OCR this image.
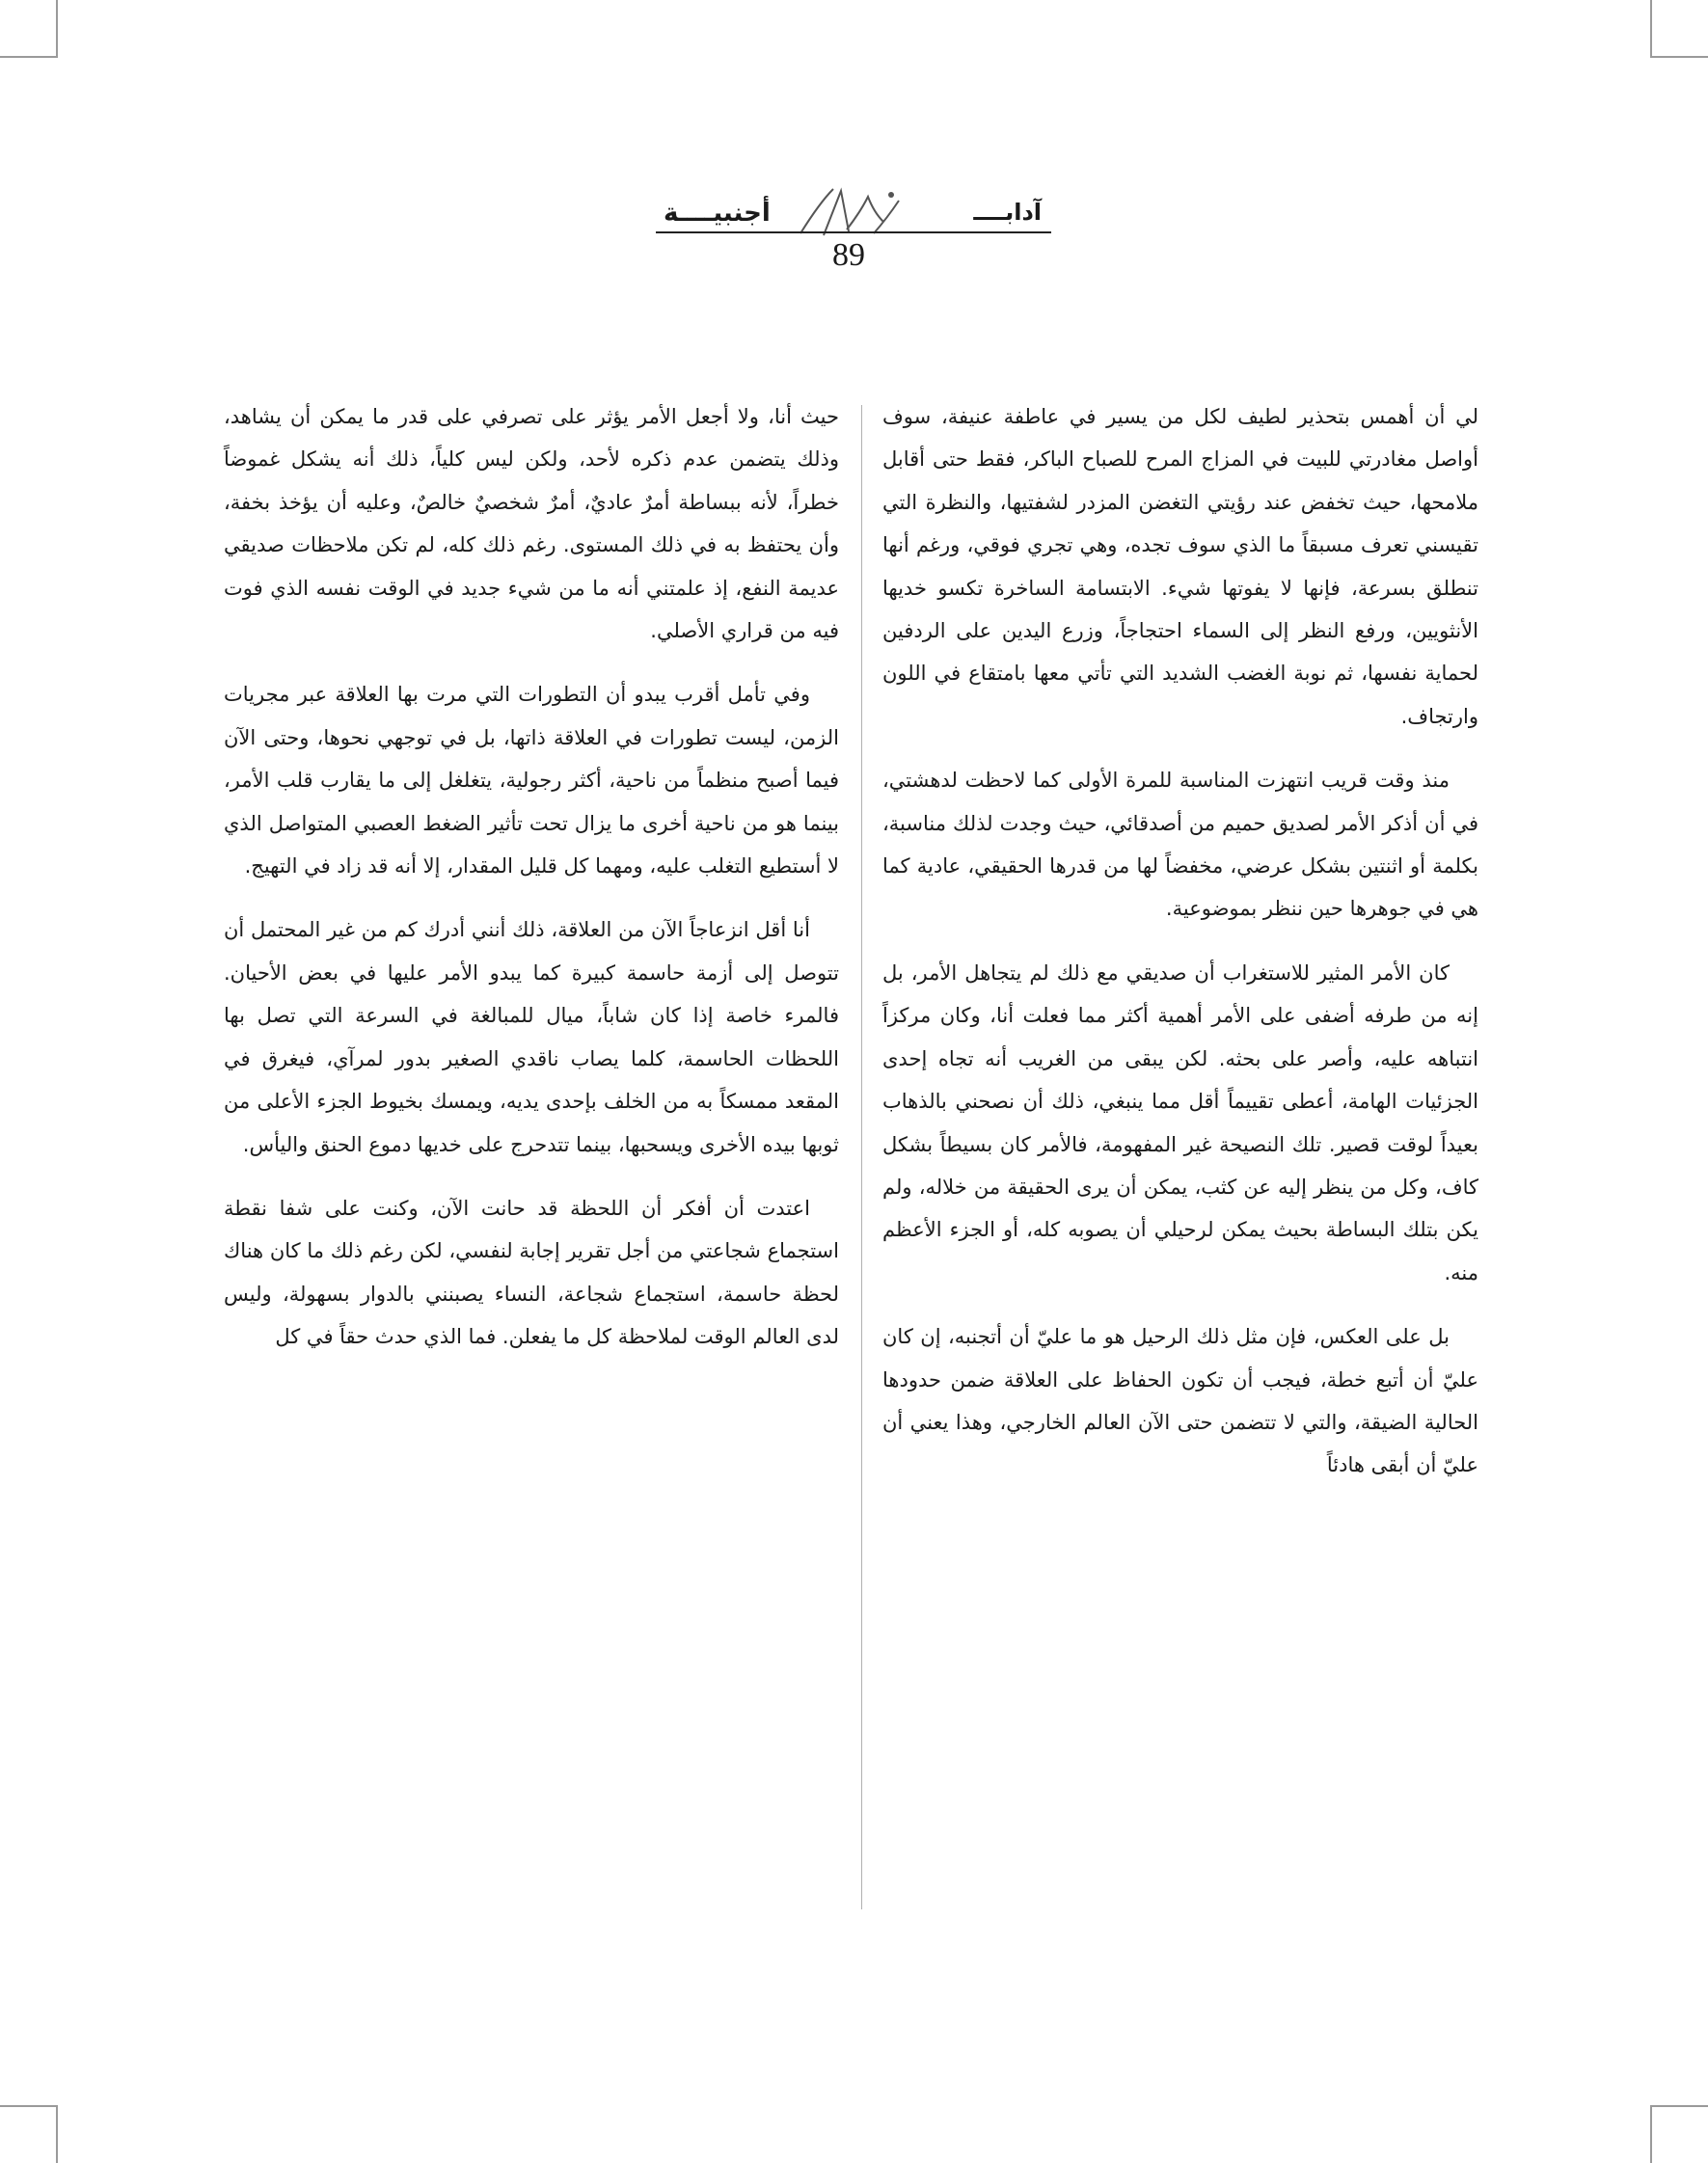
أجنبيــــة	آدابــــ
89

لي أن أهمس بتحذير لطيف لكل من يسير في عاطفة عنيفة، سوف أواصل مغادرتي للبيت في المزاج المرح للصباح الباكر، فقط حتى أقابل ملامحها، حيث تخفض عند رؤيتي التغضن المزدر لشفتيها، والنظرة التي تقيسني تعرف مسبقاً ما الذي سوف تجده، وهي تجري فوقي، ورغم أنها تنطلق بسرعة، فإنها لا يفوتها شيء. الابتسامة الساخرة تكسو خديها الأنثويين، ورفع النظر إلى السماء احتجاجاً، وزرع اليدين على الردفين لحماية نفسها، ثم نوبة الغضب الشديد التي تأتي معها بامتقاع في اللون وارتجاف.

منذ وقت قريب انتهزت المناسبة للمرة الأولى كما لاحظت لدهشتي، في أن أذكر الأمر لصديق حميم من أصدقائي، حيث وجدت لذلك مناسبة، بكلمة أو اثنتين بشكل عرضي، مخفضاً لها من قدرها الحقيقي، عادية كما هي في جوهرها حين ننظر بموضوعية.

كان الأمر المثير للاستغراب أن صديقي مع ذلك لم يتجاهل الأمر، بل إنه من طرفه أضفى على الأمر أهمية أكثر مما فعلت أنا، وكان مركزاً انتباهه عليه، وأصر على بحثه. لكن يبقى من الغريب أنه تجاه إحدى الجزئيات الهامة، أعطى تقييماً أقل مما ينبغي، ذلك أن نصحني بالذهاب بعيداً لوقت قصير. تلك النصيحة غير المفهومة، فالأمر كان بسيطاً بشكل كاف، وكل من ينظر إليه عن كثب، يمكن أن يرى الحقيقة من خلاله، ولم يكن بتلك البساطة بحيث يمكن لرحيلي أن يصوبه كله، أو الجزء الأعظم منه.

بل على العكس، فإن مثل ذلك الرحيل هو ما عليّ أن أتجنبه، إن كان عليّ أن أتبع خطة، فيجب أن تكون الحفاظ على العلاقة ضمن حدودها الحالية الضيقة، والتي لا تتضمن حتى الآن العالم الخارجي، وهذا يعني أن عليّ أن أبقى هادئاً

حيث أنا، ولا أجعل الأمر يؤثر على تصرفي على قدر ما يمكن أن يشاهد، وذلك يتضمن عدم ذكره لأحد، ولكن ليس كلياً، ذلك أنه يشكل غموضاً خطراً، لأنه ببساطة أمرٌ عاديٌ، أمرٌ شخصيٌ خالصٌ، وعليه أن يؤخذ بخفة، وأن يحتفظ به في ذلك المستوى. رغم ذلك كله، لم تكن ملاحظات صديقي عديمة النفع، إذ علمتني أنه ما من شيء جديد في الوقت نفسه الذي فوت فيه من قراري الأصلي.

وفي تأمل أقرب يبدو أن التطورات التي مرت بها العلاقة عبر مجريات الزمن، ليست تطورات في العلاقة ذاتها، بل في توجهي نحوها، وحتى الآن فيما أصبح منظماً من ناحية، أكثر رجولية، يتغلغل إلى ما يقارب قلب الأمر، بينما هو من ناحية أخرى ما يزال تحت تأثير الضغط العصبي المتواصل الذي لا أستطيع التغلب عليه، ومهما كل قليل المقدار، إلا أنه قد زاد في التهيج.

أنا أقل انزعاجاً الآن من العلاقة، ذلك أنني أدرك كم من غير المحتمل أن تتوصل إلى أزمة حاسمة كبيرة كما يبدو الأمر عليها في بعض الأحيان. فالمرء خاصة إذا كان شاباً، ميال للمبالغة في السرعة التي تصل بها اللحظات الحاسمة، كلما يصاب ناقدي الصغير بدور لمرآي، فيغرق في المقعد ممسكاً به من الخلف بإحدى يديه، ويمسك بخيوط الجزء الأعلى من ثوبها بيده الأخرى ويسحبها، بينما تتدحرج على خديها دموع الحنق واليأس.

اعتدت أن أفكر أن اللحظة قد حانت الآن، وكنت على شفا نقطة استجماع شجاعتي من أجل تقرير إجابة لنفسي، لكن رغم ذلك ما كان هناك لحظة حاسمة، استجماع شجاعة، النساء يصبنني بالدوار بسهولة، وليس لدى العالم الوقت لملاحظة كل ما يفعلن. فما الذي حدث حقاً في كل
